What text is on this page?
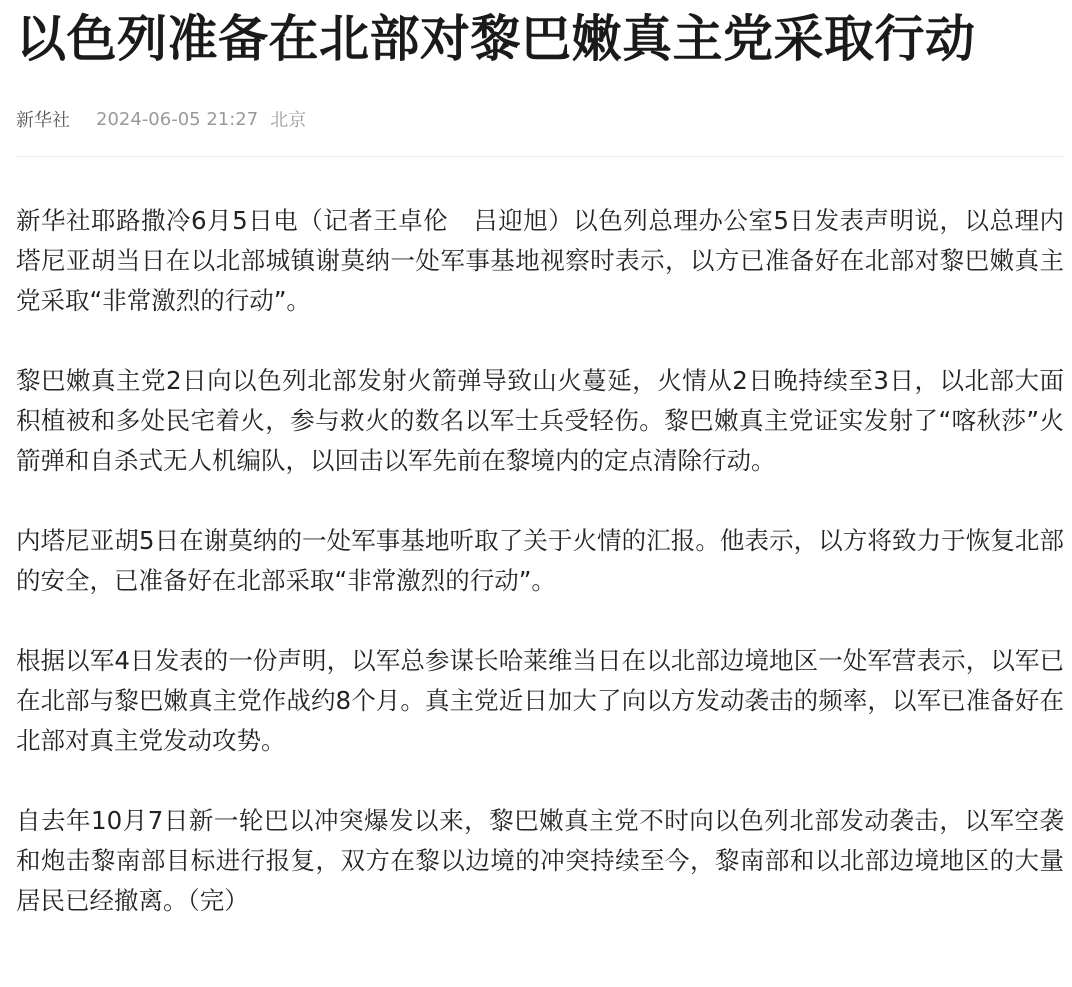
以色列准备在北部对黎巴嫩真主党采取行动
新华社 2024-06-05 21:27 北京

新华社耶路撒冷6月5日电（记者王卓伦　吕迎旭）以色列总理办公室5日发表声明说，以总理内塔尼亚胡当日在以北部城镇谢莫纳一处军事基地视察时表示，以方已准备好在北部对黎巴嫩真主党采取“非常激烈的行动”。

黎巴嫩真主党2日向以色列北部发射火箭弹导致山火蔓延，火情从2日晚持续至3日，以北部大面积植被和多处民宅着火，参与救火的数名以军士兵受轻伤。黎巴嫩真主党证实发射了“喀秋莎”火箭弹和自杀式无人机编队，以回击以军先前在黎境内的定点清除行动。

内塔尼亚胡5日在谢莫纳的一处军事基地听取了关于火情的汇报。他表示，以方将致力于恢复北部的安全，已准备好在北部采取“非常激烈的行动”。

根据以军4日发表的一份声明，以军总参谋长哈莱维当日在以北部边境地区一处军营表示，以军已在北部与黎巴嫩真主党作战约8个月。真主党近日加大了向以方发动袭击的频率，以军已准备好在北部对真主党发动攻势。

自去年10月7日新一轮巴以冲突爆发以来，黎巴嫩真主党不时向以色列北部发动袭击，以军空袭和炮击黎南部目标进行报复，双方在黎以边境的冲突持续至今，黎南部和以北部边境地区的大量居民已经撤离。（完）
